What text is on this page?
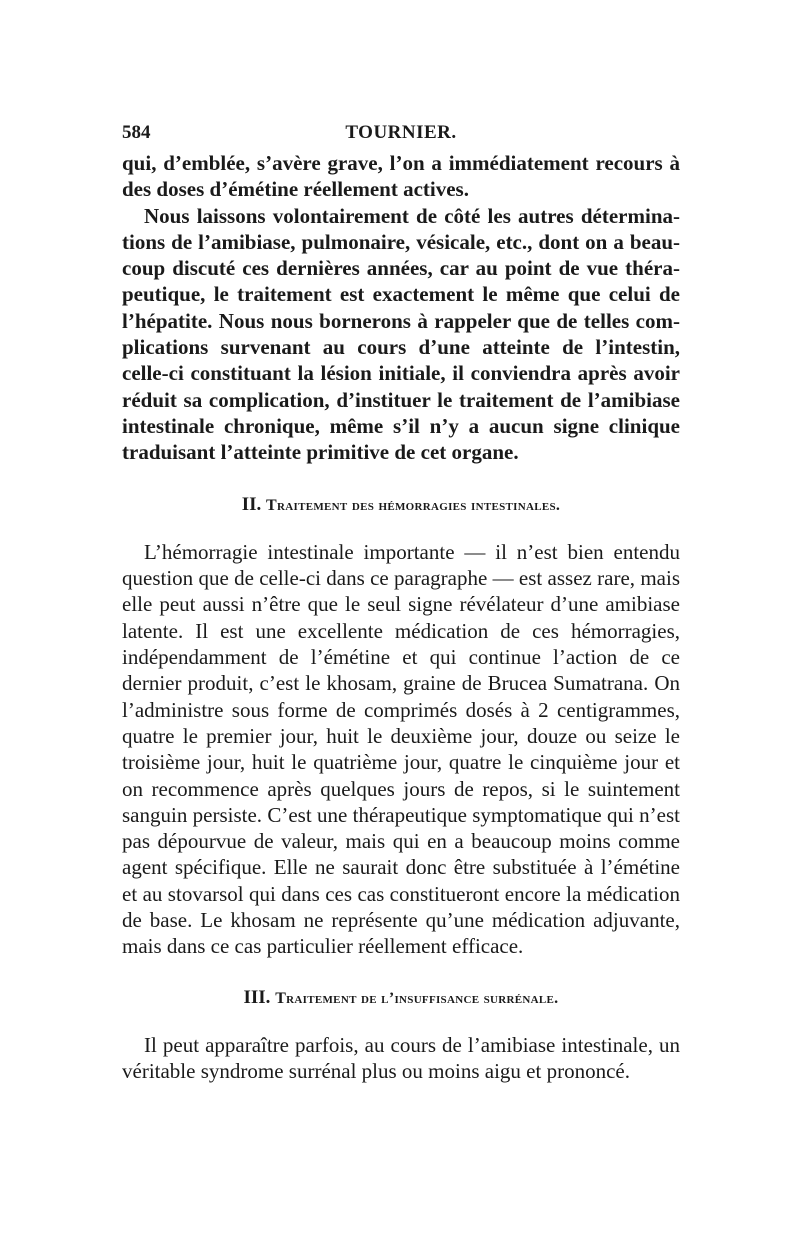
584	TOURNIER.

qui, d’emblée, s’avère grave, l’on a immédiatement recours à des doses d’émétine réellement actives.

Nous laissons volontairement de côté les autres déterminations de l’amibiase, pulmonaire, vésicale, etc., dont on a beaucoup discuté ces dernières années, car au point de vue thérapeutique, le traitement est exactement le même que celui de l’hépatite. Nous nous bornerons à rappeler que de telles complications survenant au cours d’une atteinte de l’intestin, celle-ci constituant la lésion initiale, il conviendra après avoir réduit sa complication, d’instituer le traitement de l’amibiase intestinale chronique, même s’il n’y a aucun signe clinique traduisant l’atteinte primitive de cet organe.

II. Traitement des hémorragies intestinales.

L’hémorragie intestinale importante — il n’est bien entendu question que de celle-ci dans ce paragraphe — est assez rare, mais elle peut aussi n’être que le seul signe révélateur d’une amibiase latente. Il est une excellente médication de ces hémorragies, indépendamment de l’émétine et qui continue l’action de ce dernier produit, c’est le khosam, graine de Brucea Sumatrana. On l’administre sous forme de comprimés dosés à 2 centigrammes, quatre le premier jour, huit le deuxième jour, douze ou seize le troisième jour, huit le quatrième jour, quatre le cinquième jour et on recommence après quelques jours de repos, si le suintement sanguin persiste. C’est une thérapeutique symptomatique qui n’est pas dépourvue de valeur, mais qui en a beaucoup moins comme agent spécifique. Elle ne saurait donc être substituée à l’émétine et au stovarsol qui dans ces cas constitueront encore la médication de base. Le khosam ne représente qu’une médication adjuvante, mais dans ce cas particulier réellement efficace.

III. Traitement de l’insuffisance surrénale.

Il peut apparaître parfois, au cours de l’amibiase intestinale, un véritable syndrome surrénal plus ou moins aigu et prononcé.
